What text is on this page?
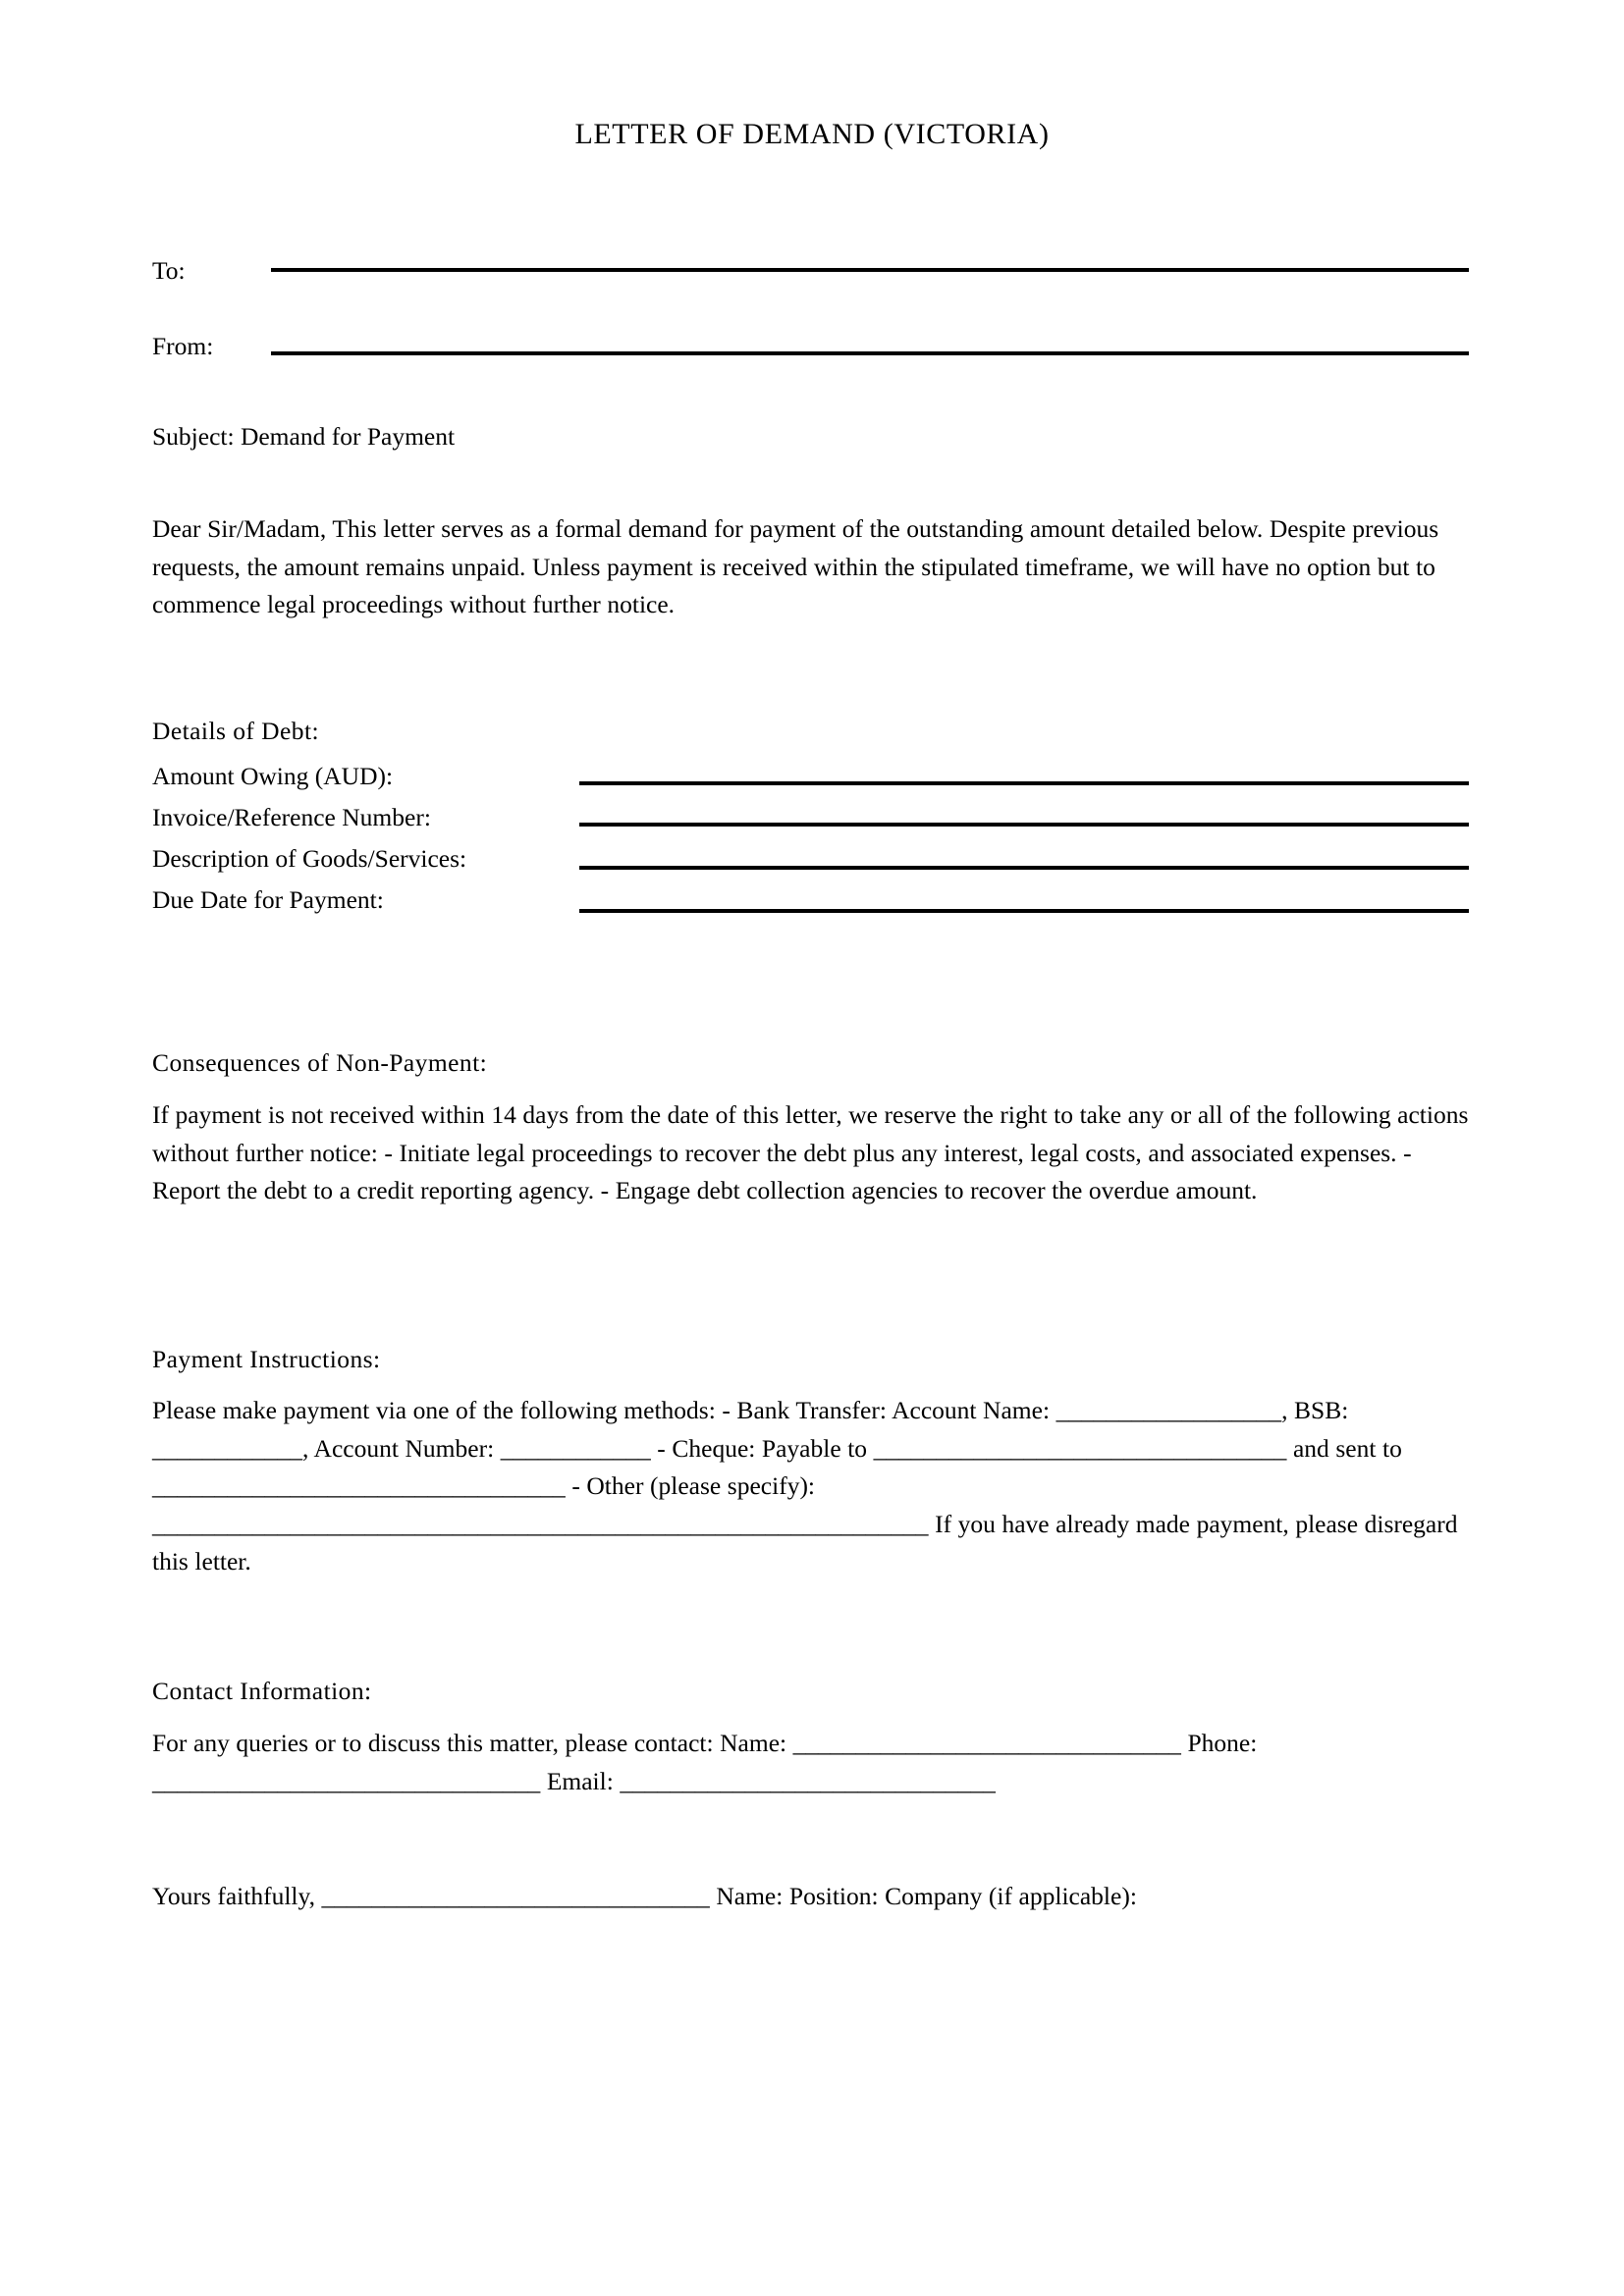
LETTER OF DEMAND (VICTORIA)
To:
From:
Subject: Demand for Payment
Dear Sir/Madam, This letter serves as a formal demand for payment of the outstanding amount detailed below. Despite previous requests, the amount remains unpaid. Unless payment is received within the stipulated timeframe, we will have no option but to commence legal proceedings without further notice.
Details of Debt:
Amount Owing (AUD):
Invoice/Reference Number:
Description of Goods/Services:
Due Date for Payment:
Consequences of Non-Payment:
If payment is not received within 14 days from the date of this letter, we reserve the right to take any or all of the following actions without further notice: - Initiate legal proceedings to recover the debt plus any interest, legal costs, and associated expenses. - Report the debt to a credit reporting agency. - Engage debt collection agencies to recover the overdue amount.
Payment Instructions:
Please make payment via one of the following methods: - Bank Transfer: Account Name: __________________, BSB: ____________, Account Number: ____________ - Cheque: Payable to _________________________________ and sent to _________________________________ - Other (please specify): ______________________________________________________________ If you have already made payment, please disregard this letter.
Contact Information:
For any queries or to discuss this matter, please contact: Name: _______________________________ Phone: _______________________________ Email: ______________________________
Yours faithfully, _______________________________ Name: Position: Company (if applicable):
